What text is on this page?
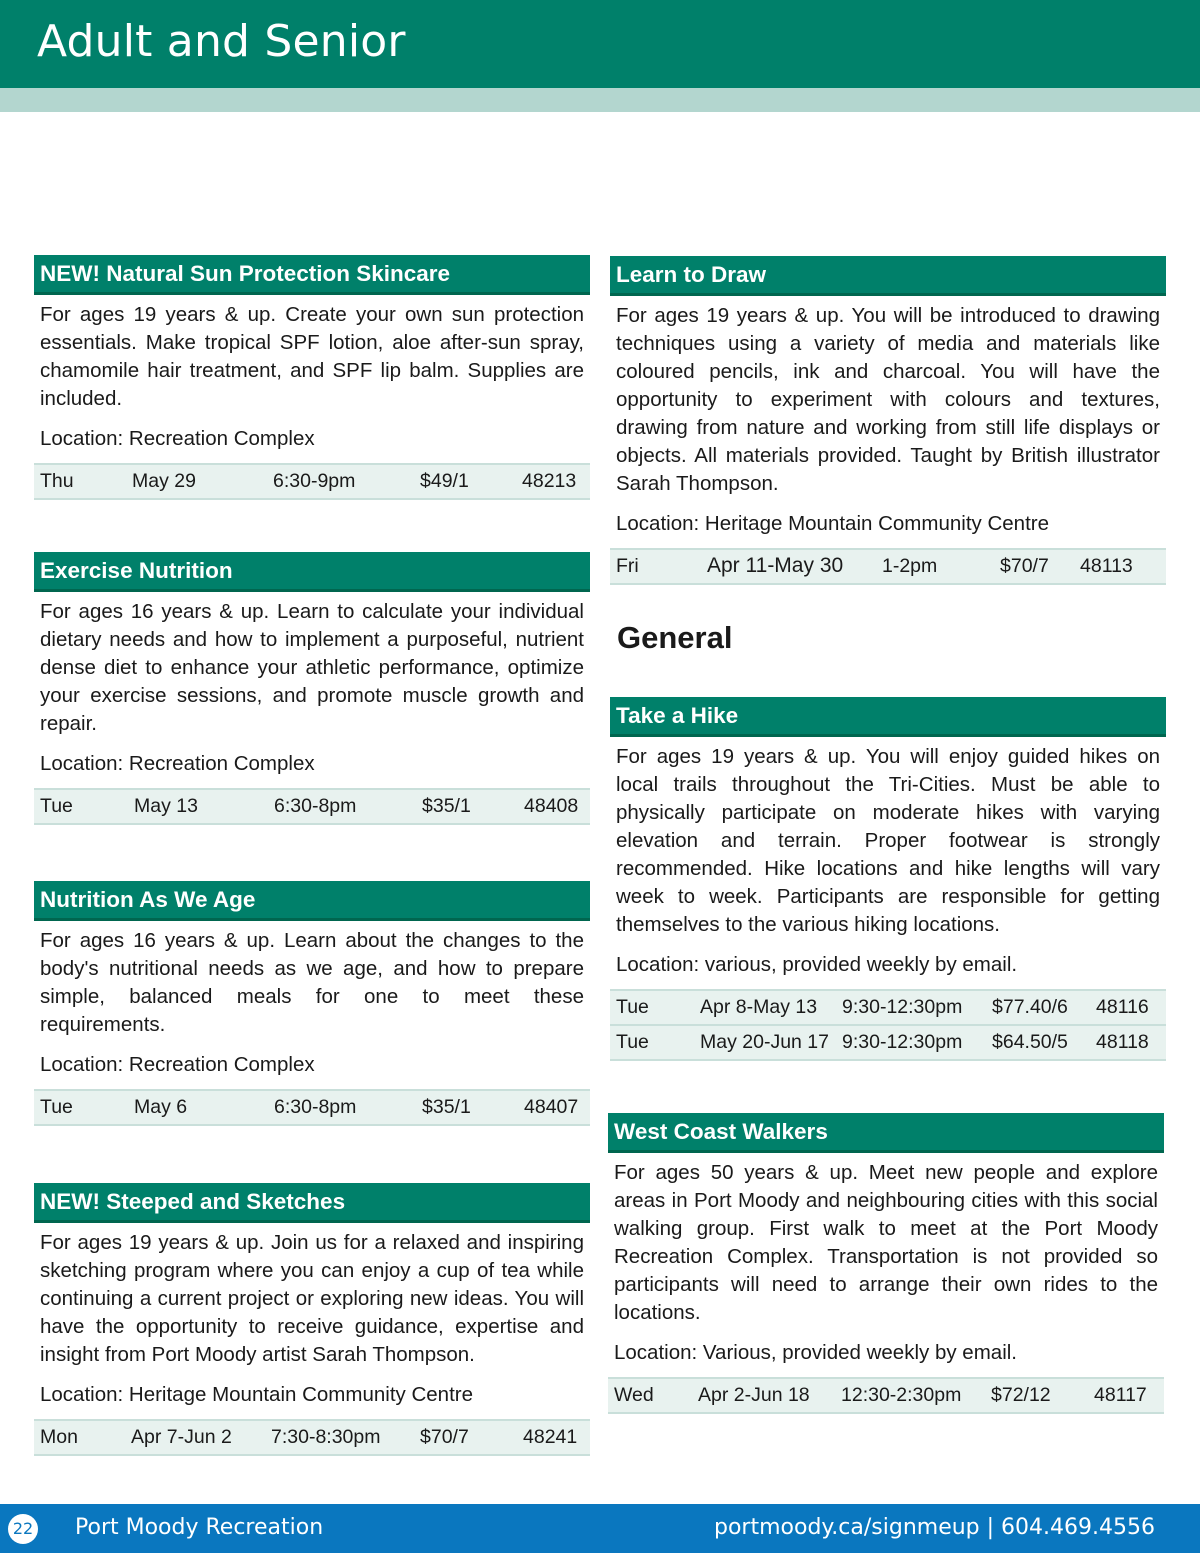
Adult and Senior
NEW! Natural Sun Protection Skincare
For ages 19 years & up. Create your own sun protection essentials. Make tropical SPF lotion, aloe after-sun spray, chamomile hair treatment, and SPF lip balm. Supplies are included.
Location: Recreation Complex
Thu	May 29	6:30-9pm	$49/1	48213
Exercise Nutrition
For ages 16 years & up. Learn to calculate your individual dietary needs and how to implement a purposeful, nutrient dense diet to enhance your athletic performance, optimize your exercise sessions, and promote muscle growth and repair.
Location: Recreation Complex
Tue	May 13	6:30-8pm	$35/1	48408
Nutrition As We Age
For ages 16 years & up. Learn about the changes to the body's nutritional needs as we age, and how to prepare simple, balanced meals for one to meet these requirements.
Location: Recreation Complex
Tue	May 6	6:30-8pm	$35/1	48407
NEW! Steeped and Sketches
For ages 19 years & up. Join us for a relaxed and inspiring sketching program where you can enjoy a cup of tea while continuing a current project or exploring new ideas. You will have the opportunity to receive guidance, expertise and insight from Port Moody artist Sarah Thompson.
Location: Heritage Mountain Community Centre
Mon	Apr 7-Jun 2 7:30-8:30pm $70/7	48241
Learn to Draw
For ages 19 years & up. You will be introduced to drawing techniques using a variety of media and materials like coloured pencils, ink and charcoal. You will have the opportunity to experiment with colours and textures, drawing from nature and working from still life displays or objects. All materials provided. Taught by British illustrator Sarah Thompson.
Location: Heritage Mountain Community Centre
Fri	Apr 11-May 30 1-2pm	$70/7 48113
General
Take a Hike
For ages 19 years & up. You will enjoy guided hikes on local trails throughout the Tri-Cities. Must be able to physically participate on moderate hikes with varying elevation and terrain. Proper footwear is strongly recommended. Hike locations and hike lengths will vary week to week. Participants are responsible for getting themselves to the various hiking locations.
Location: various, provided weekly by email.
Tue	Apr 8-May 13 9:30-12:30pm $77.40/6 48116
Tue	May 20-Jun 17 9:30-12:30pm $64.50/5 48118
West Coast Walkers
For ages 50 years & up. Meet new people and explore areas in Port Moody and neighbouring cities with this social walking group. First walk to meet at the Port Moody Recreation Complex. Transportation is not provided so participants will need to arrange their own rides to the locations.
Location: Various, provided weekly by email.
Wed Apr 2-Jun 18 12:30-2:30pm $72/12 48117
22 Port Moody Recreation	portmoody.ca/signmeup | 604.469.4556
